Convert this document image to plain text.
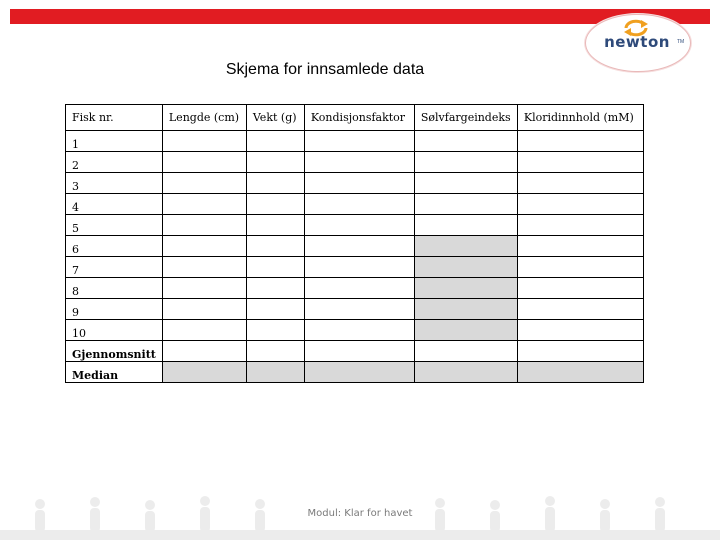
newton	TM
Skjema for innsamlede data
Fisk nr.	Lengde (cm)	Vekt (g)	Kondisjonsfaktor	Sølvfargeindeks	Kloridinnhold (mM)
1					
2					
3					
4					
5					
6					
7					
8					
9					
10					
Gjennomsnitt					
Median					
Modul: Klar for havet
